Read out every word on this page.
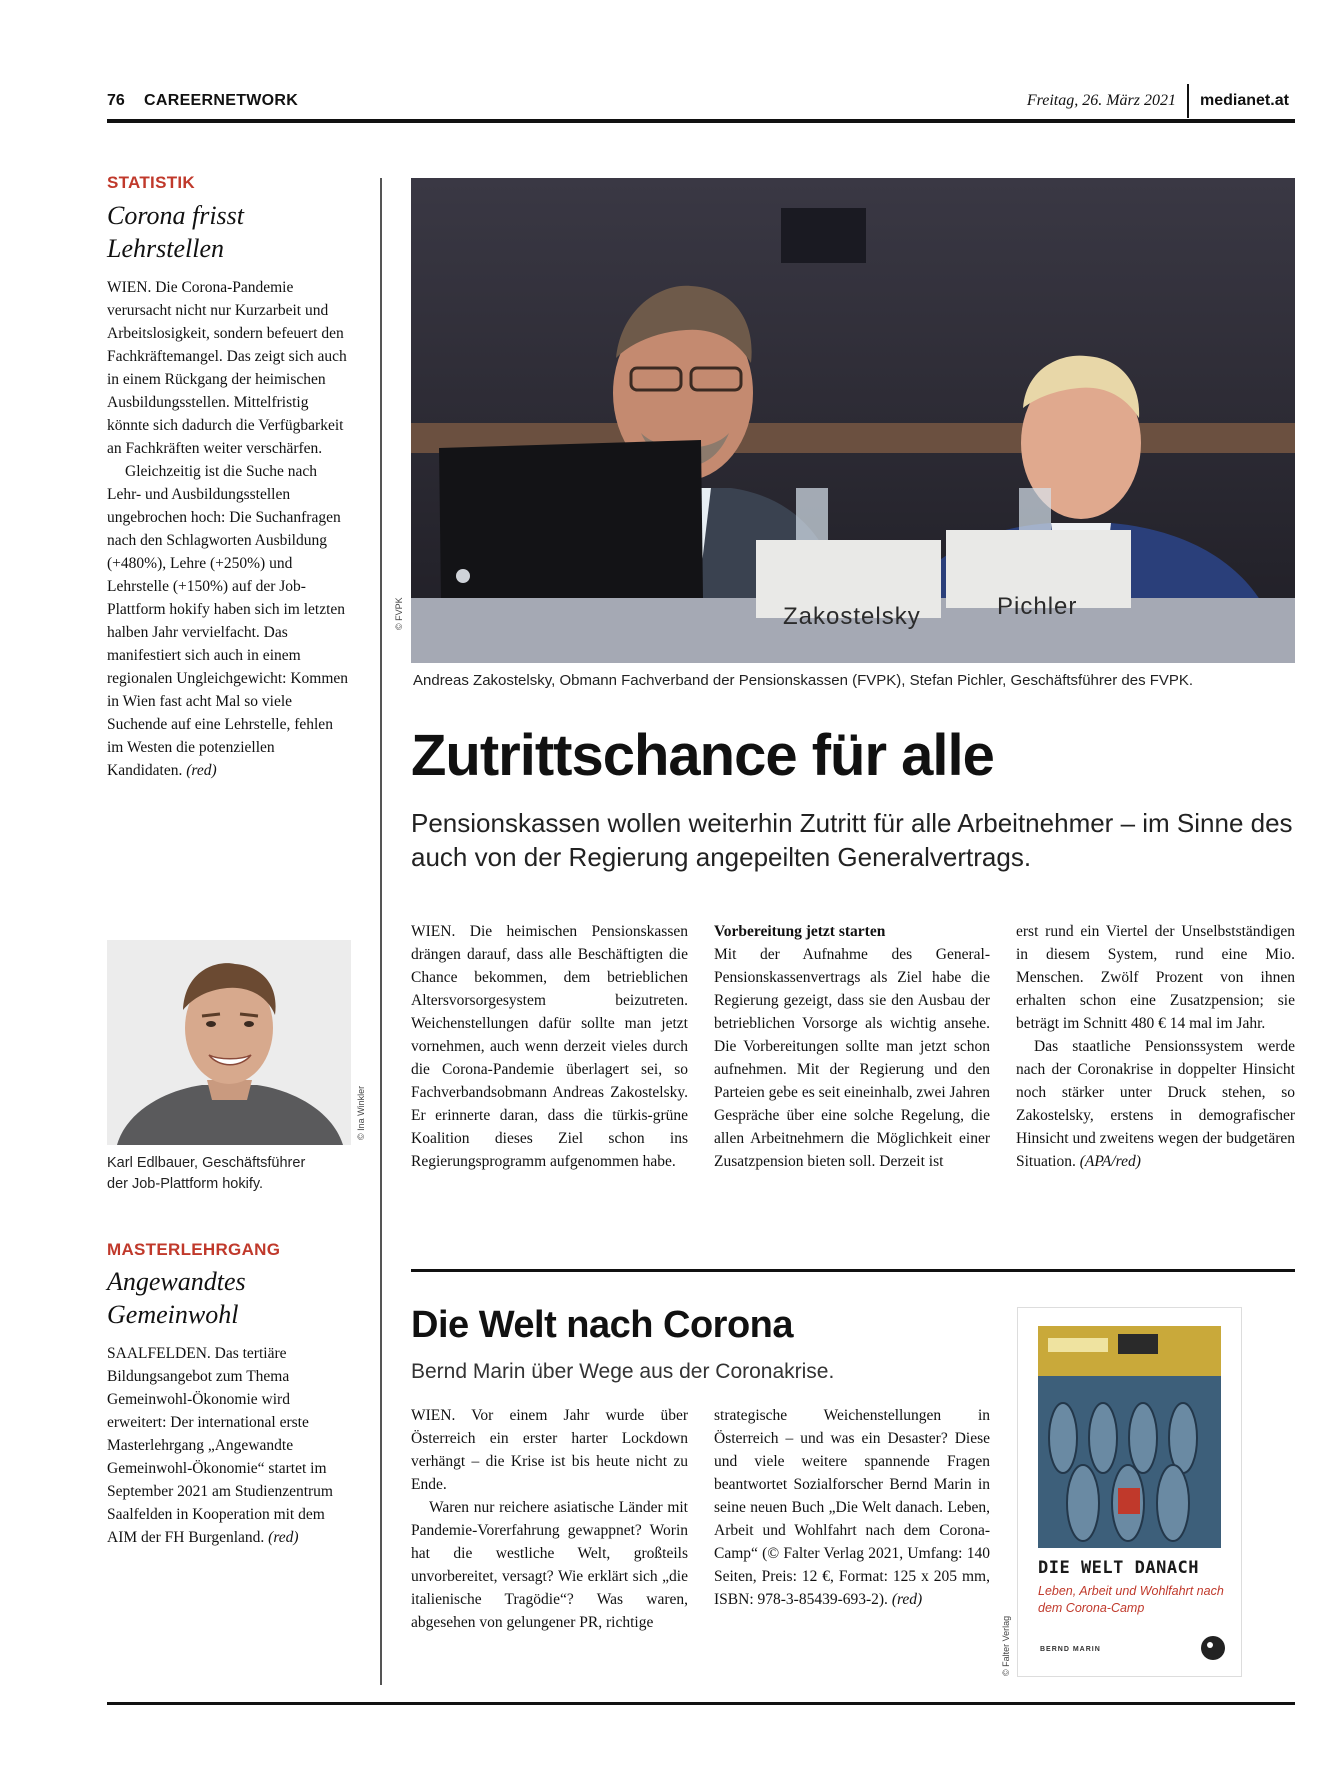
76 CAREERNETWORK	Freitag, 26. März 2021 medianet.at
STATISTIK
Corona frisst
Lehrstellen

WIEN. Die Corona-Pandemie verursacht nicht nur Kurzarbeit und Arbeitslosigkeit, sondern befeuert den Fachkräftemangel. Das zeigt sich auch in einem Rückgang der heimischen Ausbildungsstellen. Mittelfristig könnte sich dadurch die Verfügbarkeit an Fachkräften weiter verschärfen.

Gleichzeitig ist die Suche nach Lehr- und Ausbildungsstellen ungebrochen hoch: Die Suchanfragen nach den Schlagworten Ausbildung (+480%), Lehre (+250%) und Lehrstelle (+150%) auf der Job-Plattform hokify haben sich im letzten halben Jahr vervielfacht. Das manifestiert sich auch in einem regionalen Ungleichgewicht: Kommen in Wien fast acht Mal so viele Suchende auf eine Lehrstelle, fehlen im Westen die potenziellen Kandidaten. (red)

© Ina Winkler
Karl Edlbauer, Geschäftsführer
der Job-Plattform hokify.
MASTERLEHRGANG
Angewandtes
Gemeinwohl

SAALFELDEN. Das tertiäre Bildungsangebot zum Thema Gemeinwohl-Ökonomie wird erweitert: Der international erste Masterlehrgang „Angewandte Gemeinwohl-Ökonomie“ startet im September 2021 am Studienzentrum Saalfelden in Kooperation mit dem AIM der FH Burgenland. (red)

Zakostelsky	Pichler
© FVPK
Andreas Zakostelsky, Obmann Fachverband der Pensionskassen (FVPK), Stefan Pichler, Geschäftsführer des FVPK.
Zutrittschance für alle
Pensionskassen wollen weiterhin Zutritt für alle Arbeitnehmer – im Sinne des auch von der Regierung angepeilten Generalvertrags.

WIEN. Die heimischen Pensionskassen drängen darauf, dass alle Beschäftigten die Chance bekommen, dem betrieblichen Altersvorsorgesystem beizutreten. Weichenstellungen dafür sollte man jetzt vornehmen, auch wenn derzeit vieles durch die Corona-Pandemie überlagert sei, so Fachverbandsobmann Andreas Zakostelsky. Er erinnerte daran, dass die türkis-grüne Koalition dieses Ziel schon ins Regierungsprogramm aufgenommen habe.

Vorbereitung jetzt starten

Mit der Aufnahme des General-Pensionskassenvertrags als Ziel habe die Regierung gezeigt, dass sie den Ausbau der betrieblichen Vorsorge als wichtig ansehe. Die Vorbereitungen sollte man jetzt schon aufnehmen. Mit der Regierung und den Parteien gebe es seit eineinhalb, zwei Jahren Gespräche über eine solche Regelung, die allen Arbeitnehmern die Möglichkeit einer Zusatzpension bieten soll. Derzeit ist

erst rund ein Viertel der Unselbstständigen in diesem System, rund eine Mio. Menschen. Zwölf Prozent von ihnen erhalten schon eine Zusatzpension; sie beträgt im Schnitt 480 € 14 mal im Jahr.

Das staatliche Pensionssystem werde nach der Coronakrise in doppelter Hinsicht noch stärker unter Druck stehen, so Zakostelsky, erstens in demografischer Hinsicht und zweitens wegen der budgetären Situation. (APA/red)

Die Welt nach Corona
Bernd Marin über Wege aus der Coronakrise.

WIEN. Vor einem Jahr wurde über Österreich ein erster harter Lockdown verhängt – die Krise ist bis heute nicht zu Ende.

Waren nur reichere asiatische Länder mit Pandemie-Vorerfahrung gewappnet? Worin hat die westliche Welt, großteils unvorbereitet, versagt? Wie erklärt sich „die italienische Tragödie“? Was waren, abgesehen von gelungener PR, richtige

strategische Weichenstellungen in Österreich – und was ein Desaster? Diese und viele weitere spannende Fragen beantwortet Sozialforscher Bernd Marin in seine neuen Buch „Die Welt danach. Leben, Arbeit und Wohlfahrt nach dem Corona-Camp“ (© Falter Verlag 2021, Umfang: 140 Seiten, Preis: 12 €, Format: 125 x 205 mm, ISBN: 978-3-85439-693-2). (red)

DIE WELT DANACH
Leben, Arbeit und Wohlfahrt nach dem Corona-Camp
BERND MARIN
© Falter Verlag
